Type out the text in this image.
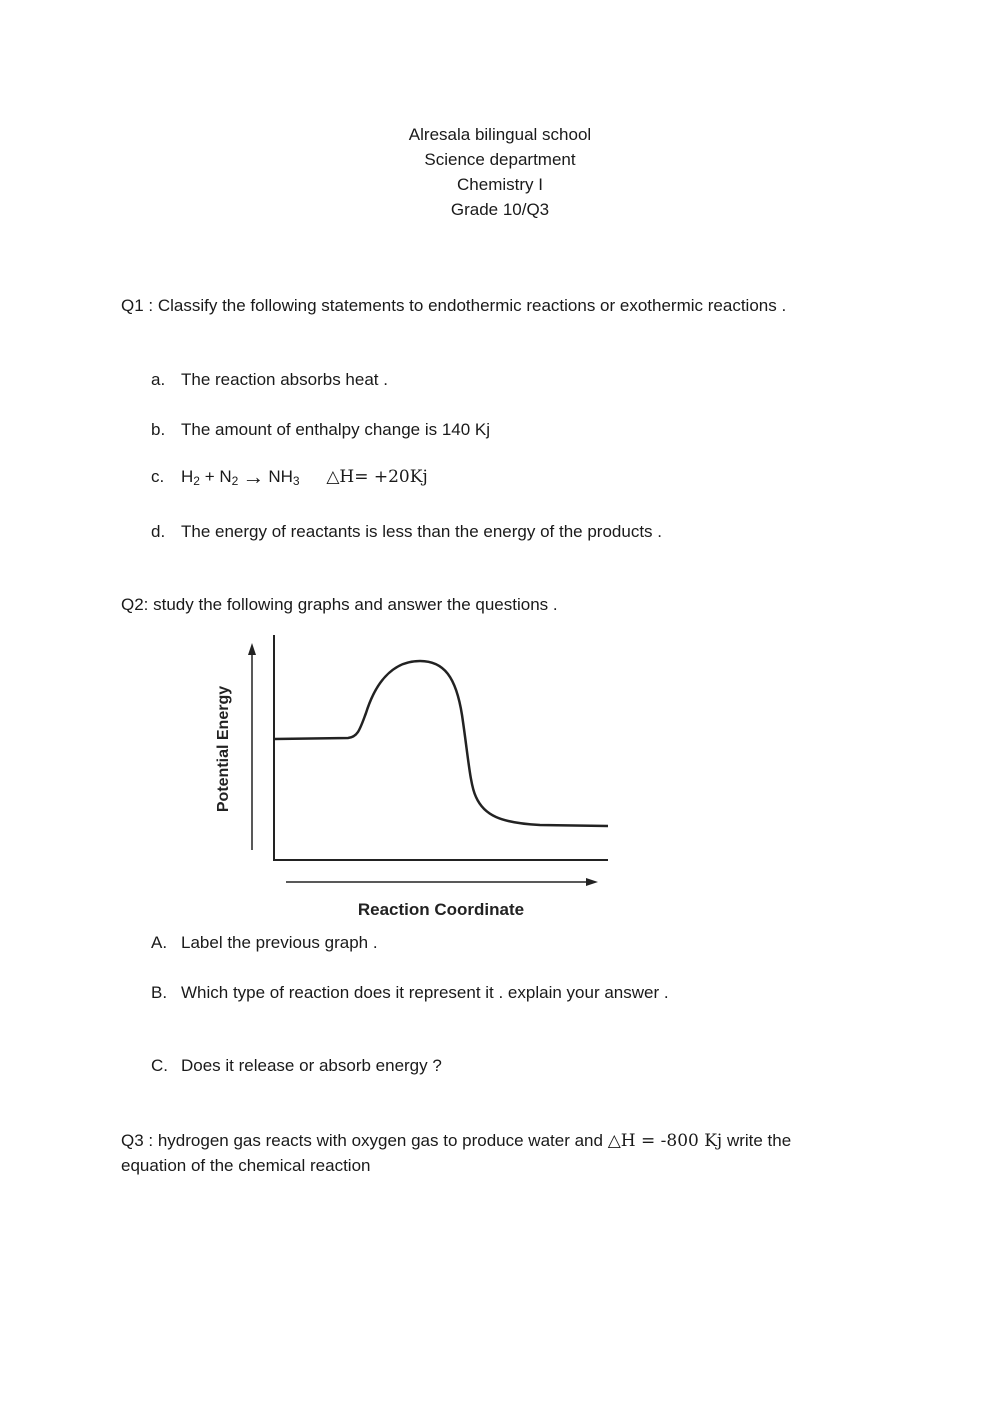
Alresala bilingual school
Science department
Chemistry I
Grade 10/Q3
Q1 : Classify the following statements to endothermic reactions or exothermic reactions .
a. The reaction absorbs heat .
b. The amount of enthalpy change is 140 Kj
c. $H_2 + N_2 \to NH_3$ △H= +20Kj
d. The energy of reactants is less than the energy of the products .
Q2: study the following graphs and answer the questions .
Potential Energy
Reaction Coordinate
A. Label the previous graph .
B. Which type of reaction does it represent it . explain your answer .
C. Does it release or absorb energy ?
Q3 : hydrogen gas reacts with oxygen gas to produce water and △H = -800 Kj write the
equation of the chemical reaction
